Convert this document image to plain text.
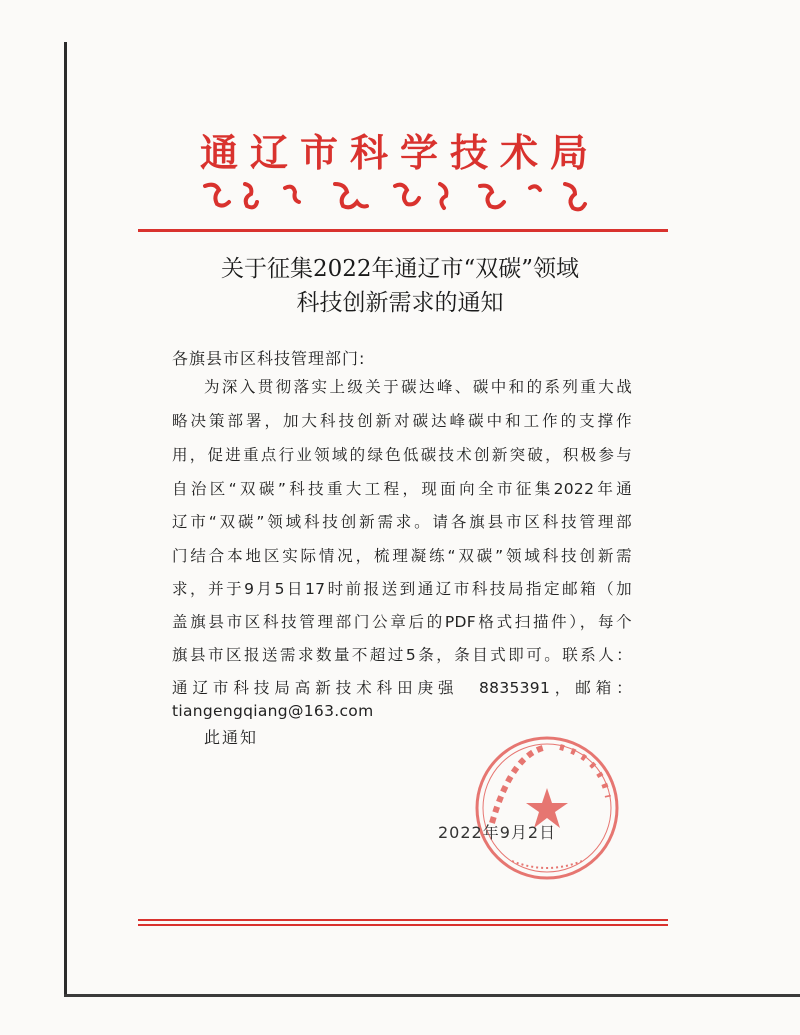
通辽市科学技术局
关于征集2022年通辽市“双碳”领域
科技创新需求的通知
各旗县市区科技管理部门:
为深入贯彻落实上级关于碳达峰、碳中和的系列重大战
略决策部署，加大科技创新对碳达峰碳中和工作的支撑作
用，促进重点行业领域的绿色低碳技术创新突破，积极参与
自治区“双碳”科技重大工程，现面向全市征集2022年通
辽市“双碳”领域科技创新需求。请各旗县市区科技管理部
门结合本地区实际情况，梳理凝练“双碳”领域科技创新需
求，并于9月5日17时前报送到通辽市科技局指定邮箱（加
盖旗县市区科技管理部门公章后的PDF格式扫描件），每个
旗县市区报送需求数量不超过5条，条目式即可。联系人：
通辽市科技局高新技术科田庚强　8835391，邮箱：
tiangengqiang@163.com
此通知
2022年9月2日
